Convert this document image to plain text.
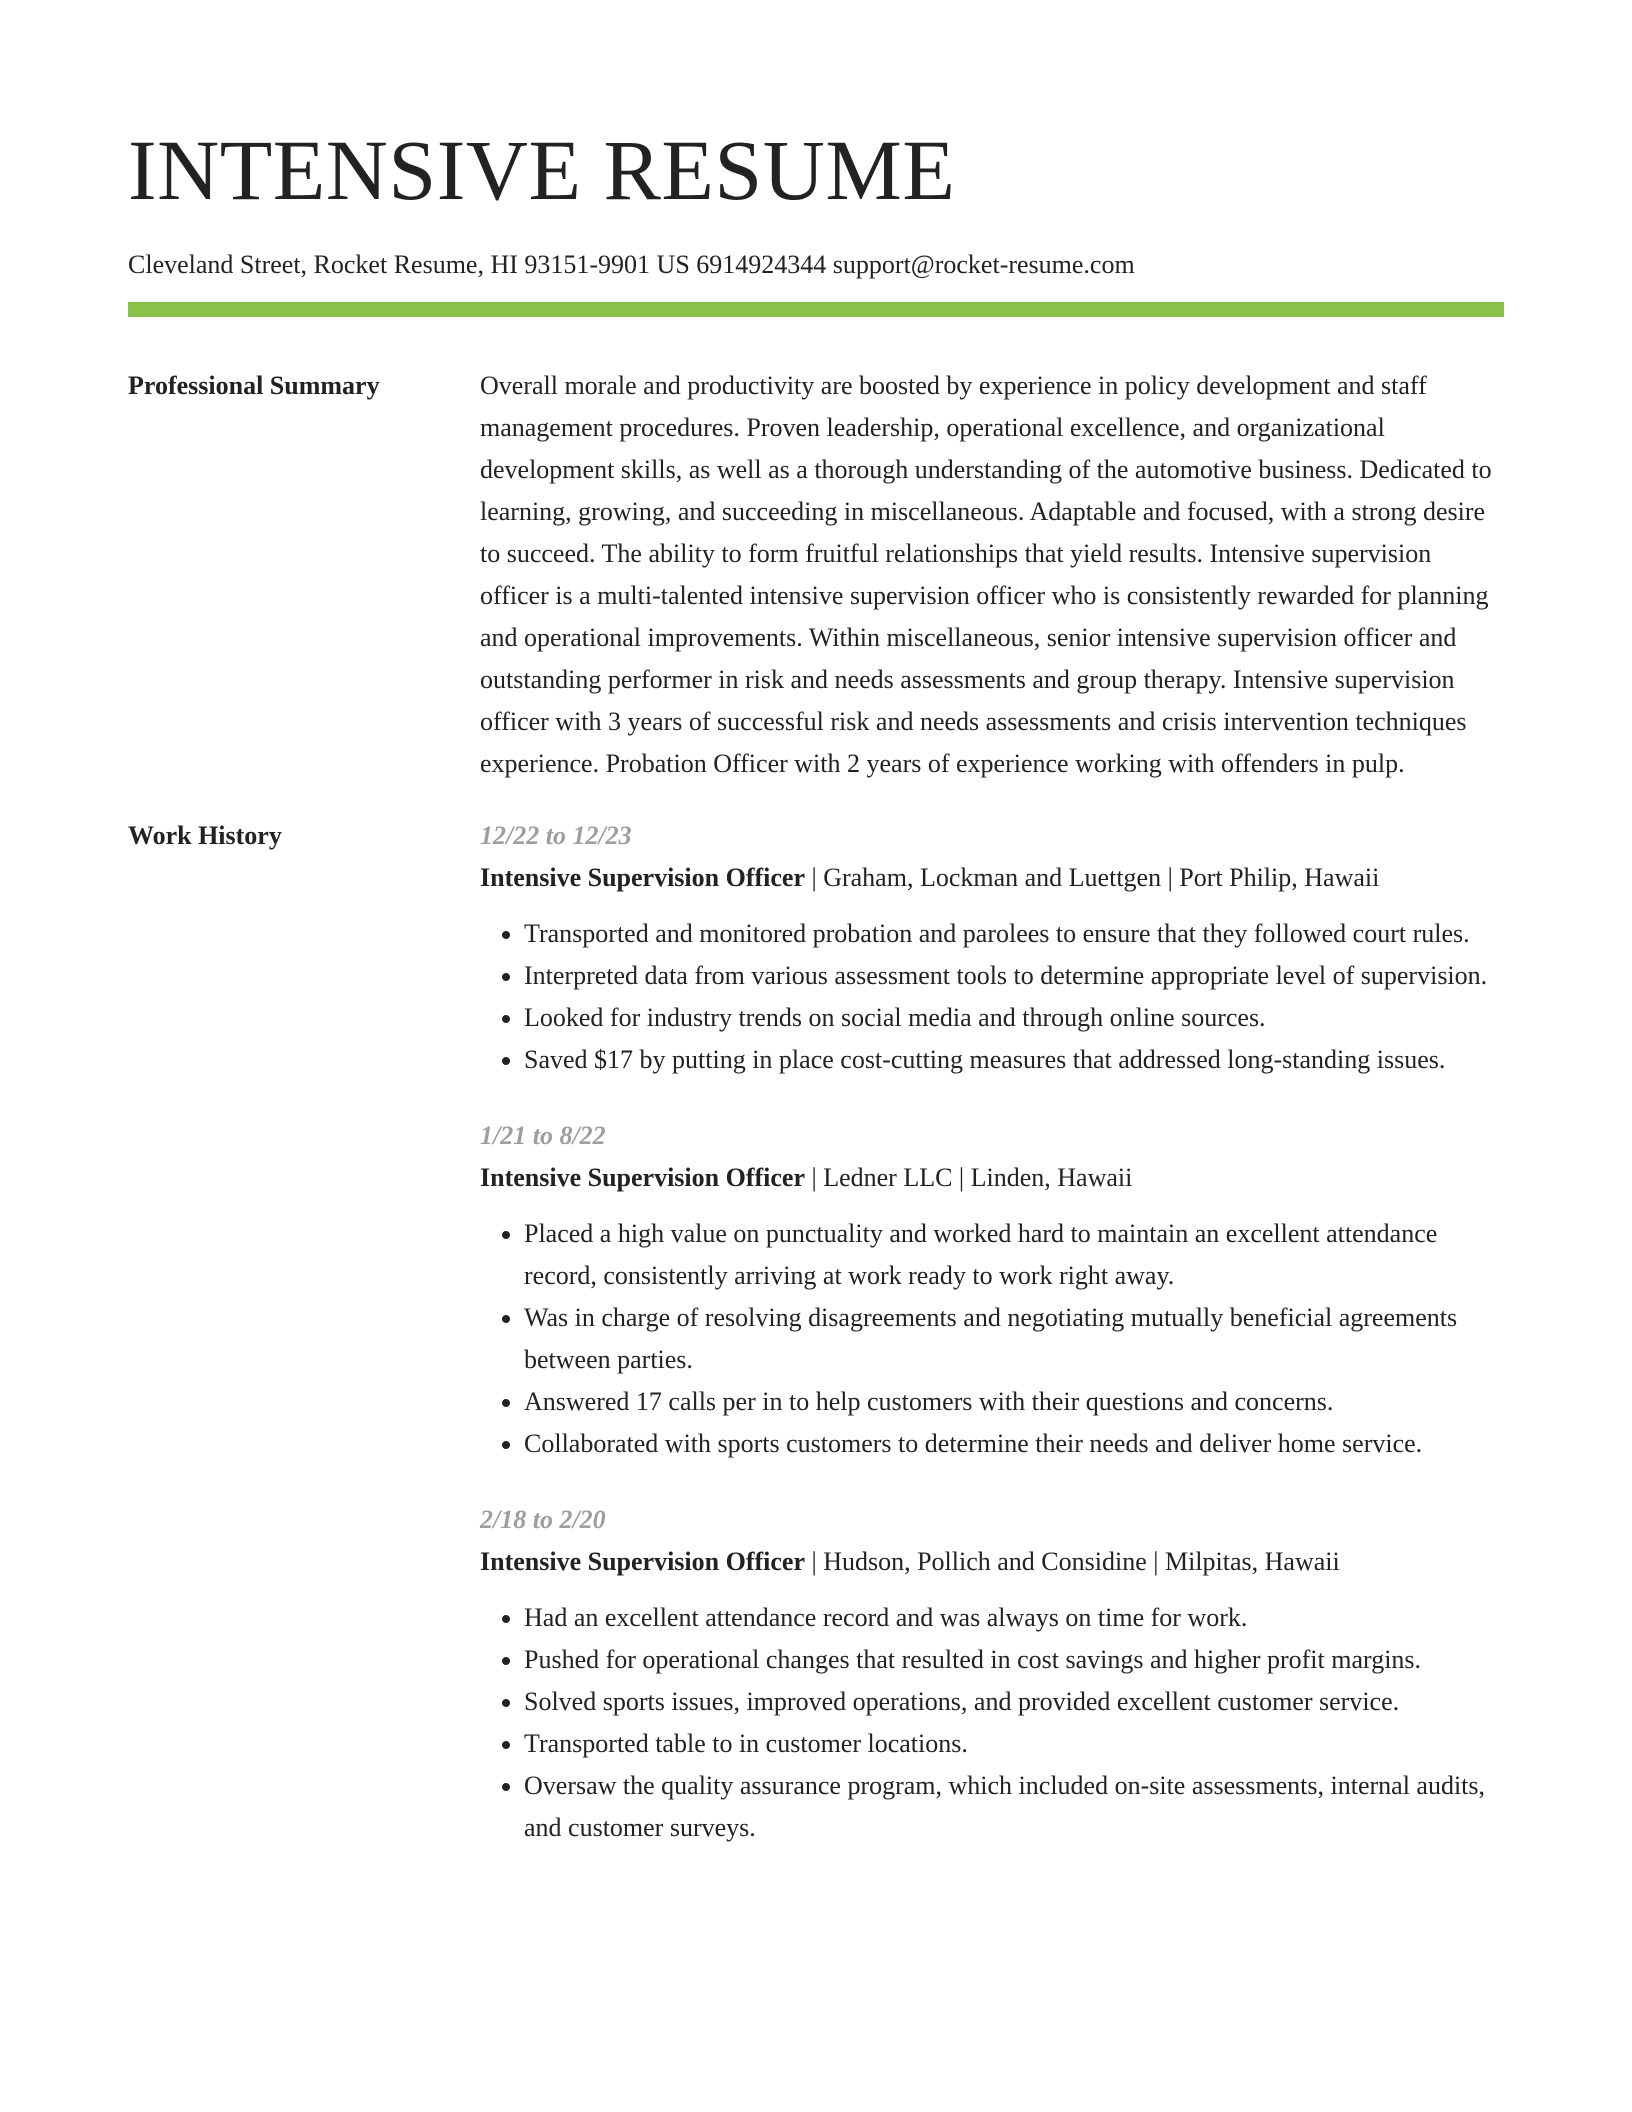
INTENSIVE RESUME
Cleveland Street, Rocket Resume, HI 93151-9901 US 6914924344 support@rocket-resume.com
Professional Summary	Overall morale and productivity are boosted by experience in policy development and staff management procedures. Proven leadership, operational excellence, and organizational development skills, as well as a thorough understanding of the automotive business. Dedicated to learning, growing, and succeeding in miscellaneous. Adaptable and focused, with a strong desire to succeed. The ability to form fruitful relationships that yield results. Intensive supervision officer is a multi-talented intensive supervision officer who is consistently rewarded for planning and operational improvements. Within miscellaneous, senior intensive supervision officer and outstanding performer in risk and needs assessments and group therapy. Intensive supervision officer with 3 years of successful risk and needs assessments and crisis intervention techniques experience. Probation Officer with 2 years of experience working with offenders in pulp.

Work History	12/22 to 12/23
Intensive Supervision Officer | Graham, Lockman and Luettgen | Port Philip, Hawaii
• Transported and monitored probation and parolees to ensure that they followed court rules.
• Interpreted data from various assessment tools to determine appropriate level of supervision.
• Looked for industry trends on social media and through online sources.
• Saved $17 by putting in place cost-cutting measures that addressed long-standing issues.
1/21 to 8/22
Intensive Supervision Officer | Ledner LLC | Linden, Hawaii
• Placed a high value on punctuality and worked hard to maintain an excellent attendance record, consistently arriving at work ready to work right away.
• Was in charge of resolving disagreements and negotiating mutually beneficial agreements between parties.
• Answered 17 calls per in to help customers with their questions and concerns.
• Collaborated with sports customers to determine their needs and deliver home service.
2/18 to 2/20
Intensive Supervision Officer | Hudson, Pollich and Considine | Milpitas, Hawaii
• Had an excellent attendance record and was always on time for work.
• Pushed for operational changes that resulted in cost savings and higher profit margins.
• Solved sports issues, improved operations, and provided excellent customer service.
• Transported table to in customer locations.
• Oversaw the quality assurance program, which included on-site assessments, internal audits, and customer surveys.
